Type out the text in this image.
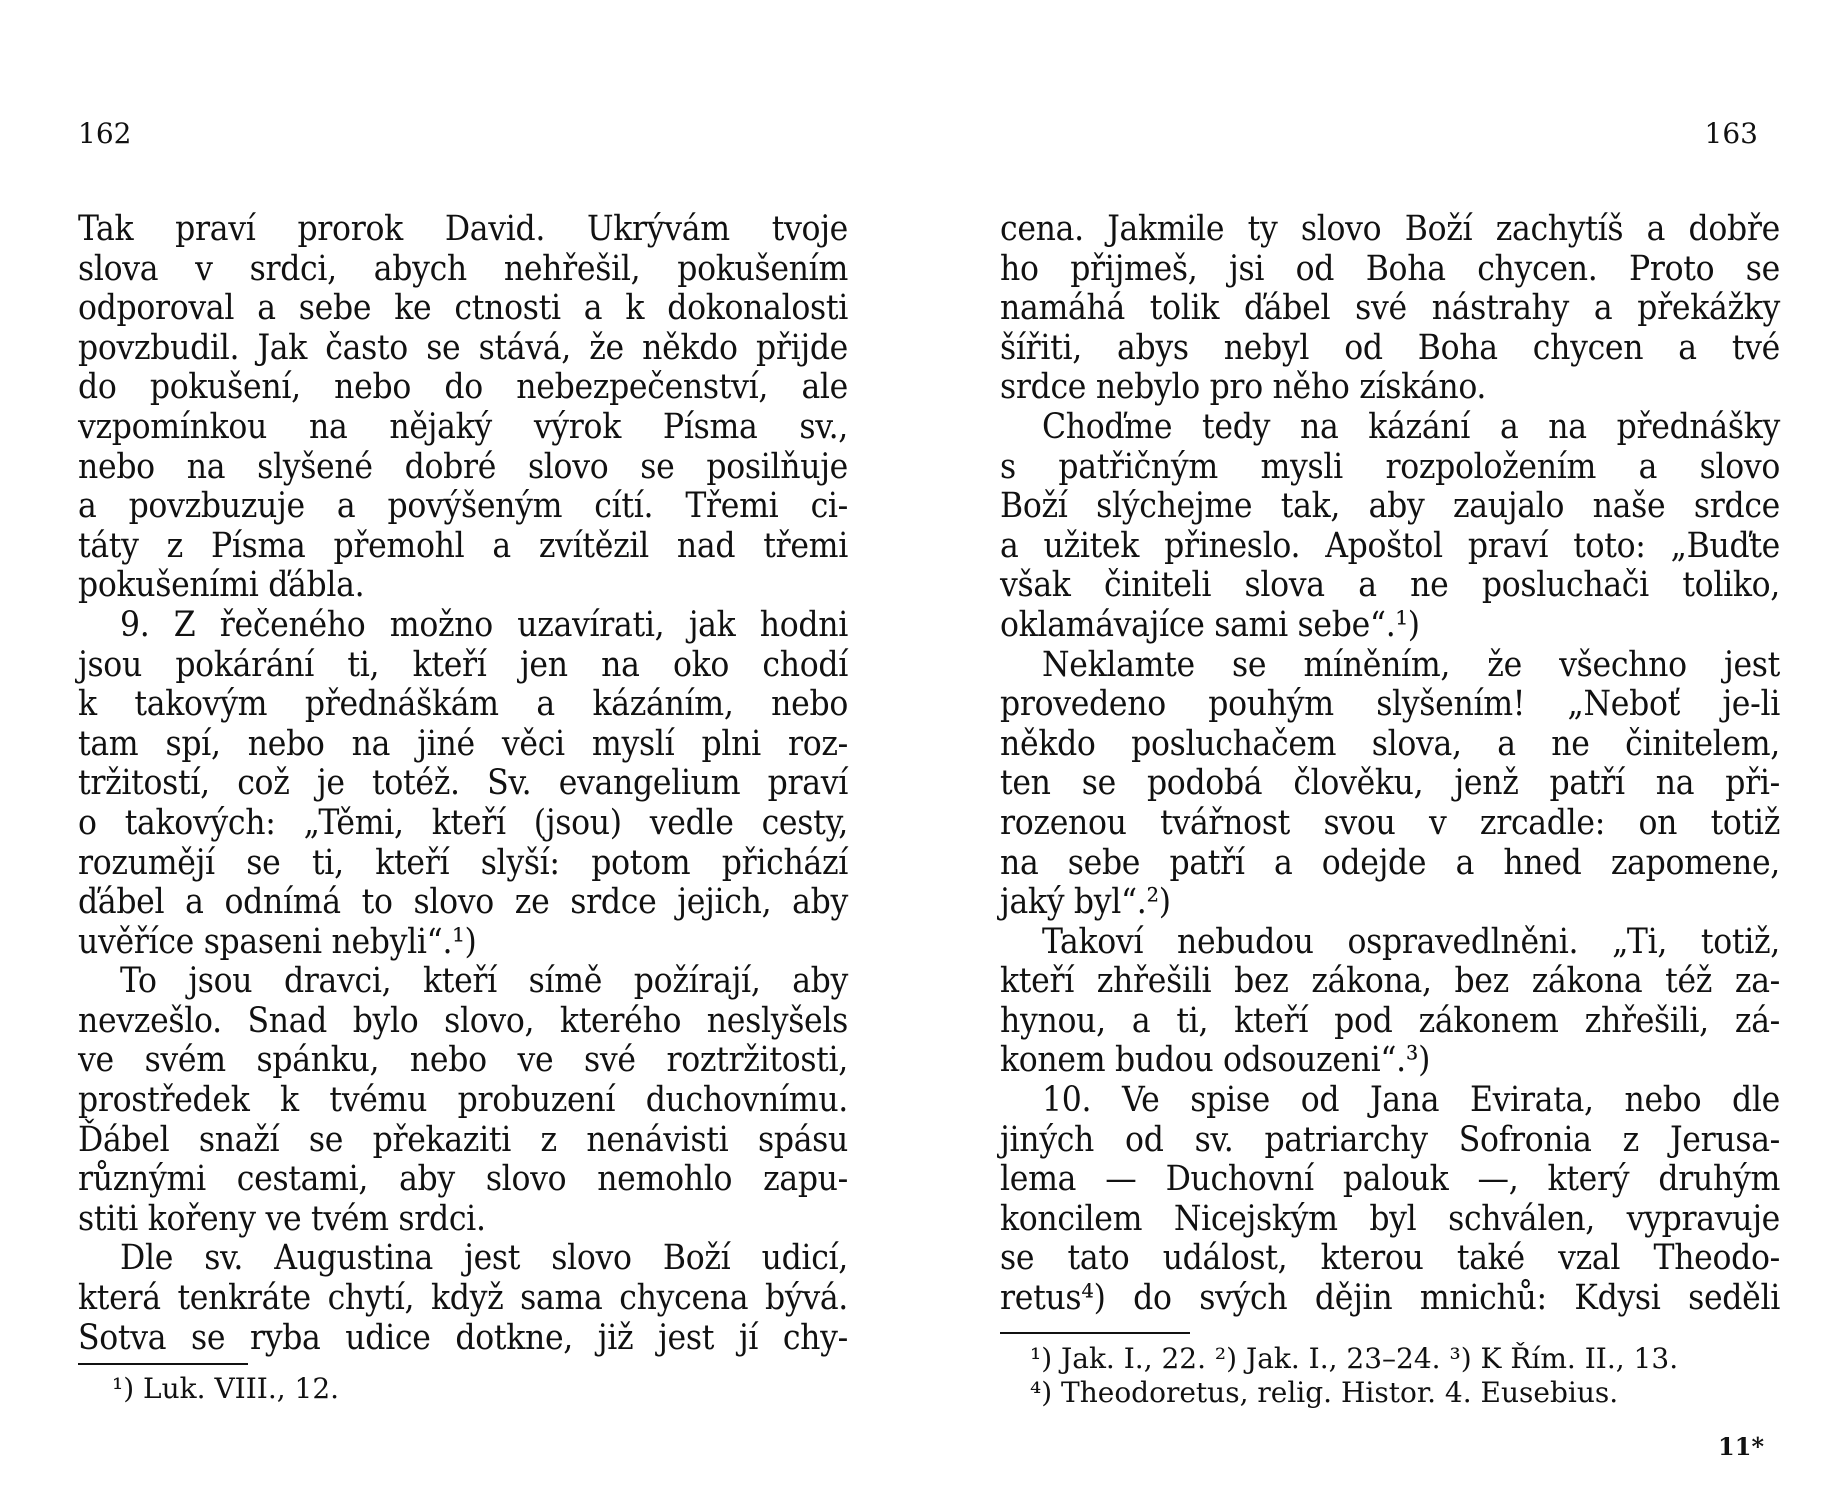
162
Tak praví prorok David. Ukrývám tvoje
slova v srdci, abych nehřešil, pokušením
odporoval a sebe ke ctnosti a k dokonalosti
povzbudil. Jak často se stává, že někdo přijde
do pokušení, nebo do nebezpečenství, ale
vzpomínkou na nějaký výrok Písma sv.,
nebo na slyšené dobré slovo se posilňuje
a povzbuzuje a povýšeným cítí. Třemi ci-
táty z Písma přemohl a zvítězil nad třemi
pokušeními ďábla.
9. Z řečeného možno uzavírati, jak hodni
jsou pokárání ti, kteří jen na oko chodí
k takovým přednáškám a kázáním, nebo
tam spí, nebo na jiné věci myslí plni roz-
tržitostí, což je totéž. Sv. evangelium praví
o takových: „Těmi, kteří (jsou) vedle cesty,
rozumějí se ti, kteří slyší: potom přichází
ďábel a odnímá to slovo ze srdce jejich, aby
uvěříce spaseni nebyli“.¹)
To jsou dravci, kteří símě požírají, aby
nevzešlo. Snad bylo slovo, kterého neslyšels
ve svém spánku, nebo ve své roztržitosti,
prostředek k tvému probuzení duchovnímu.
Ďábel snaží se překaziti z nenávisti spásu
různými cestami, aby slovo nemohlo zapu-
stiti kořeny ve tvém srdci.
Dle sv. Augustina jest slovo Boží udicí,
která tenkráte chytí, když sama chycena bývá.
Sotva se ryba udice dotkne, již jest jí chy-
¹) Luk. VIII., 12.
163
cena. Jakmile ty slovo Boží zachytíš a dobře
ho přijmeš, jsi od Boha chycen. Proto se
namáhá tolik ďábel své nástrahy a překážky
šířiti, abys nebyl od Boha chycen a tvé
srdce nebylo pro něho získáno.
Choďme tedy na kázání a na přednášky
s patřičným mysli rozpoložením a slovo
Boží slýchejme tak, aby zaujalo naše srdce
a užitek přineslo. Apoštol praví toto: „Buďte
však činiteli slova a ne posluchači toliko,
oklamávajíce sami sebe“.¹)
Neklamte se míněním, že všechno jest
provedeno pouhým slyšením! „Neboť je-li
někdo posluchačem slova, a ne činitelem,
ten se podobá člověku, jenž patří na při-
rozenou tvářnost svou v zrcadle: on totiž
na sebe patří a odejde a hned zapomene,
jaký byl“.²)
Takoví nebudou ospravedlněni. „Ti, totiž,
kteří zhřešili bez zákona, bez zákona též za-
hynou, a ti, kteří pod zákonem zhřešili, zá-
konem budou odsouzeni“.³)
10. Ve spise od Jana Evirata, nebo dle
jiných od sv. patriarchy Sofronia z Jerusa-
lema — Duchovní palouk —, který druhým
koncilem Nicejským byl schválen, vypravuje
se tato událost, kterou také vzal Theodo-
retus⁴) do svých dějin mnichů: Kdysi seděli
¹) Jak. I., 22. ²) Jak. I., 23–24. ³) K Řím. II., 13.
⁴) Theodoretus, relig. Histor. 4. Eusebius.
11*
